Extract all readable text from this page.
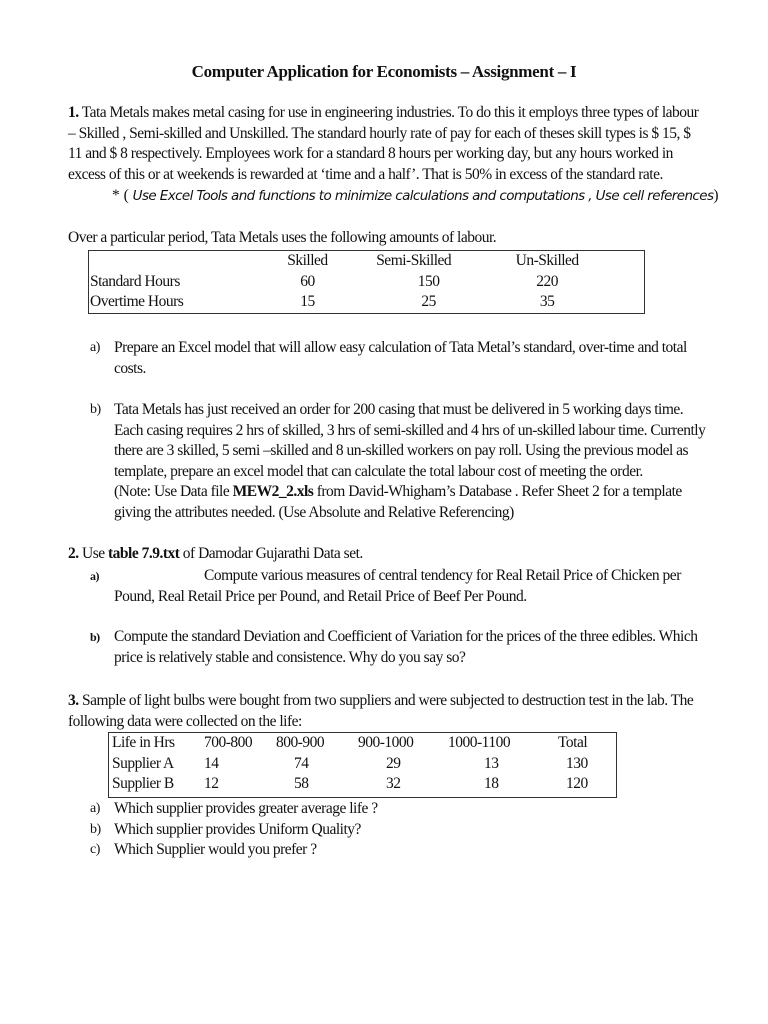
Computer Application for Economists – Assignment – I
1. Tata Metals makes metal casing for use in engineering industries. To do this it employs three types of labour
– Skilled , Semi-skilled and Unskilled. The standard hourly rate of pay for each of theses skill types is $ 15, $
11 and $ 8 respectively. Employees work for a standard 8 hours per working day, but any hours worked in
excess of this or at weekends is rewarded at ‘time and a half’. That is 50% in excess of the standard rate.
* ( Use Excel Tools and functions to minimize calculations and computations , Use cell references)
Over a particular period, Tata Metals uses the following amounts of labour.
	Skilled	Semi-Skilled	Un-Skilled
Standard Hours	60	150	220
Overtime Hours	15	25	35
a) Prepare an Excel model that will allow easy calculation of Tata Metal’s standard, over-time and total
costs.
b) Tata Metals has just received an order for 200 casing that must be delivered in 5 working days time.
Each casing requires 2 hrs of skilled, 3 hrs of semi-skilled and 4 hrs of un-skilled labour time. Currently
there are 3 skilled, 5 semi –skilled and 8 un-skilled workers on pay roll. Using the previous model as
template, prepare an excel model that can calculate the total labour cost of meeting the order.
(Note: Use Data file MEW2_2.xls from David-Whigham’s Database . Refer Sheet 2 for a template
giving the attributes needed. (Use Absolute and Relative Referencing)
2. Use table 7.9.txt of Damodar Gujarathi Data set.
a)	Compute various measures of central tendency for Real Retail Price of Chicken per
Pound, Real Retail Price per Pound, and Retail Price of Beef Per Pound.
b) Compute the standard Deviation and Coefficient of Variation for the prices of the three edibles. Which
price is relatively stable and consistence. Why do you say so?
3. Sample of light bulbs were bought from two suppliers and were subjected to destruction test in the lab. The
following data were collected on the life:
Life in Hrs	700-800	800-900	900-1000	1000-1100	Total
Supplier A	14	74	29	13	130
Supplier B	12	58	32	18	120
a) Which supplier provides greater average life ?
b) Which supplier provides Uniform Quality?
c) Which Supplier would you prefer ?
